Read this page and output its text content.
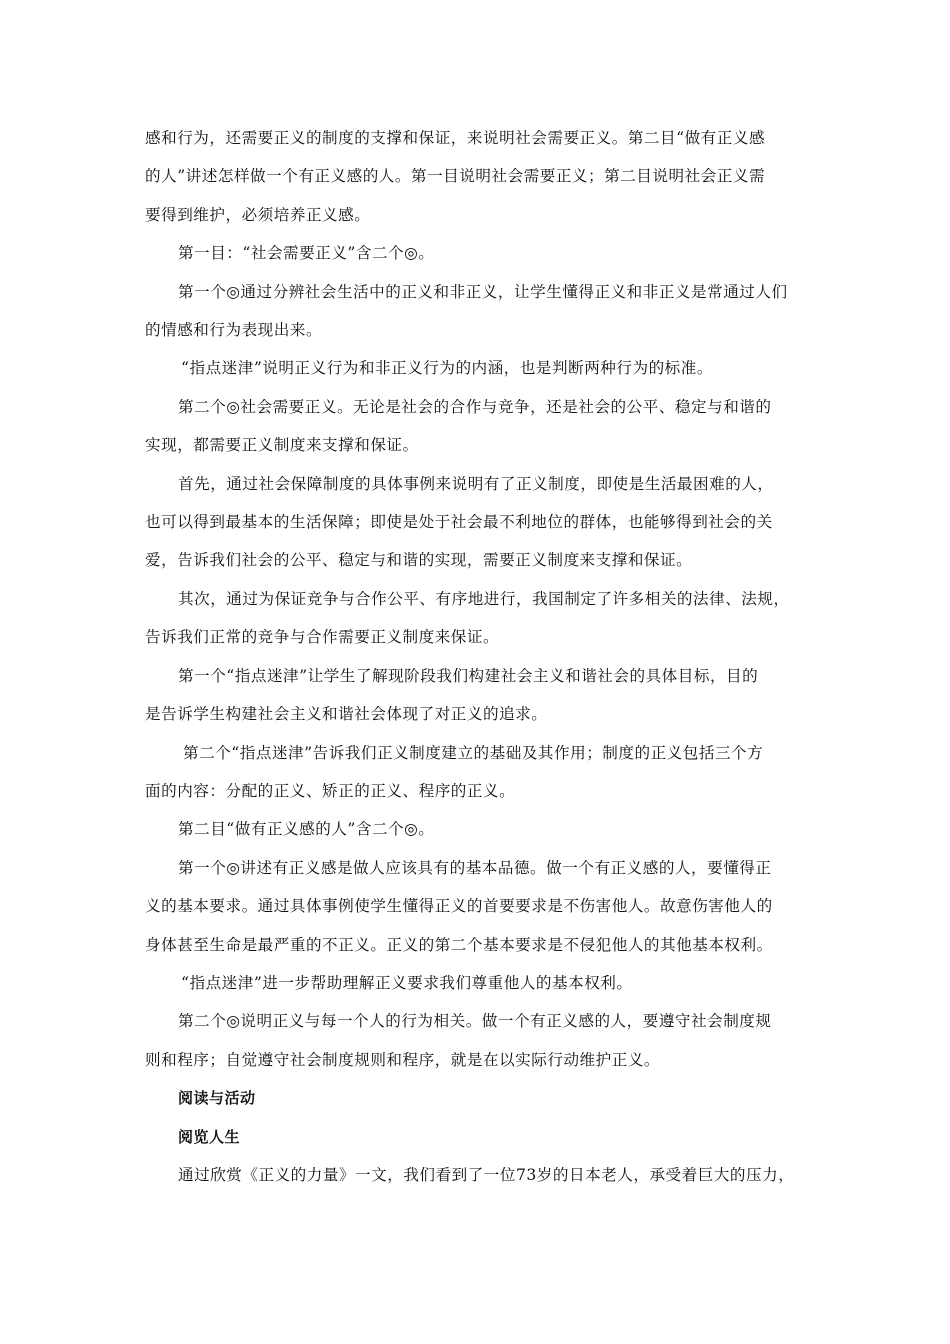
感和行为，还需要正义的制度的支撑和保证，来说明社会需要正义。第二目“做有正义感
的人”讲述怎样做一个有正义感的人。第一目说明社会需要正义；第二目说明社会正义需
要得到维护，必须培养正义感。

第一目：“社会需要正义”含二个◎。

第一个◎通过分辨社会生活中的正义和非正义，让学生懂得正义和非正义是常通过人们
的情感和行为表现出来。

“指点迷津”说明正义行为和非正义行为的内涵，也是判断两种行为的标准。

第二个◎社会需要正义。无论是社会的合作与竞争，还是社会的公平、稳定与和谐的
实现，都需要正义制度来支撑和保证。

首先，通过社会保障制度的具体事例来说明有了正义制度，即使是生活最困难的人，
也可以得到最基本的生活保障；即使是处于社会最不利地位的群体，也能够得到社会的关
爱，告诉我们社会的公平、稳定与和谐的实现，需要正义制度来支撑和保证。

其次，通过为保证竞争与合作公平、有序地进行，我国制定了许多相关的法律、法规，
告诉我们正常的竞争与合作需要正义制度来保证。

第一个“指点迷津”让学生了解现阶段我们构建社会主义和谐社会的具体目标，目的
是告诉学生构建社会主义和谐社会体现了对正义的追求。

第二个“指点迷津”告诉我们正义制度建立的基础及其作用；制度的正义包括三个方
面的内容：分配的正义、矫正的正义、程序的正义。

第二目“做有正义感的人”含二个◎。

第一个◎讲述有正义感是做人应该具有的基本品德。做一个有正义感的人，要懂得正
义的基本要求。通过具体事例使学生懂得正义的首要要求是不伤害他人。故意伤害他人的
身体甚至生命是最严重的不正义。正义的第二个基本要求是不侵犯他人的其他基本权利。

“指点迷津”进一步帮助理解正义要求我们尊重他人的基本权利。

第二个◎说明正义与每一个人的行为相关。做一个有正义感的人，要遵守社会制度规
则和程序；自觉遵守社会制度规则和程序，就是在以实际行动维护正义。

阅读与活动

阅览人生

通过欣赏《正义的力量》一文，我们看到了一位73岁的日本老人，承受着巨大的压力，
